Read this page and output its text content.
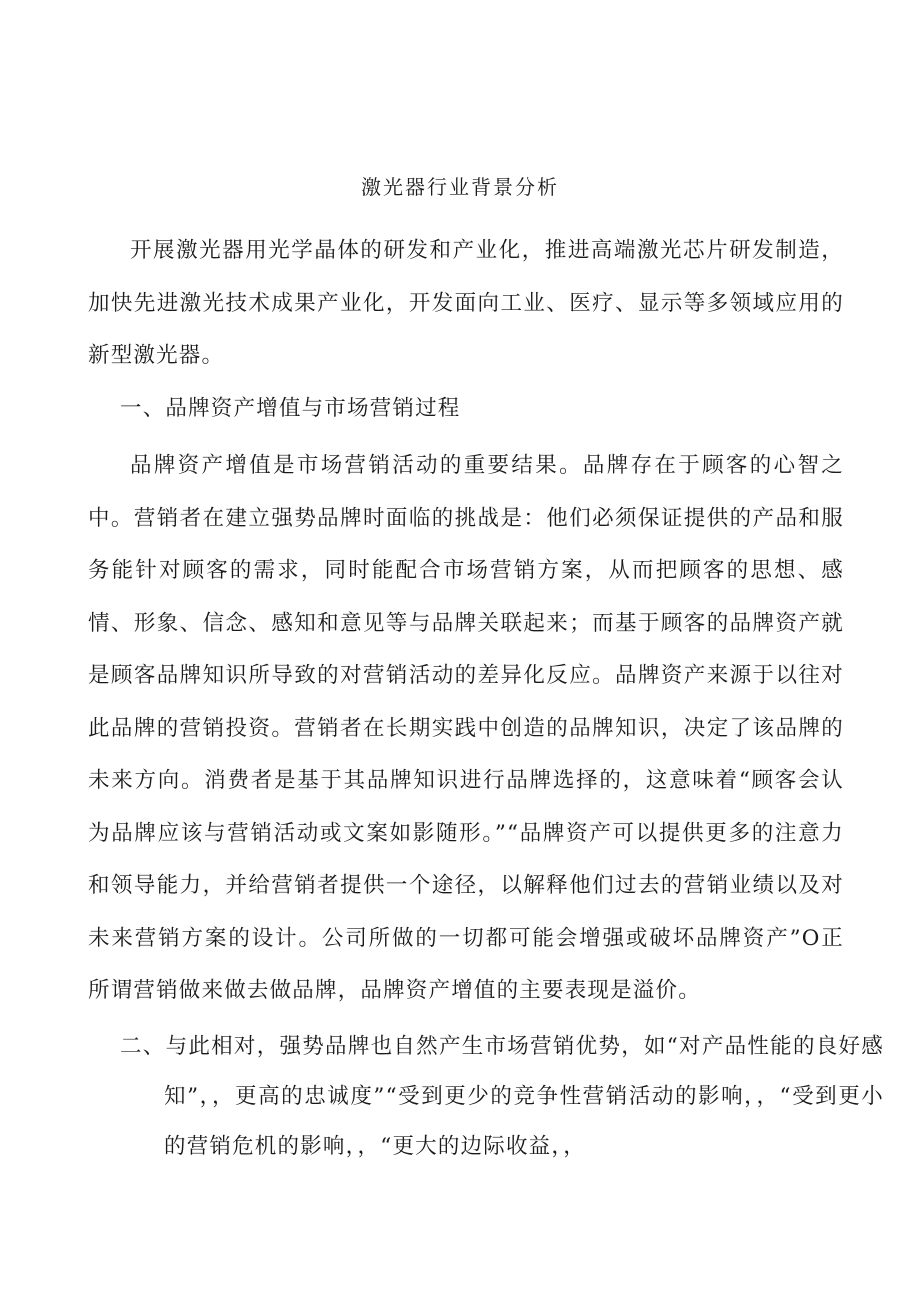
激光器行业背景分析

开展激光器用光学晶体的研发和产业化，推进高端激光芯片研发制造，加快先进激光技术成果产业化，开发面向工业、医疗、显示等多领域应用的新型激光器。

一、品牌资产增值与市场营销过程

品牌资产增值是市场营销活动的重要结果。品牌存在于顾客的心智之中。营销者在建立强势品牌时面临的挑战是：他们必须保证提供的产品和服务能针对顾客的需求，同时能配合市场营销方案，从而把顾客的思想、感情、形象、信念、感知和意见等与品牌关联起来；而基于顾客的品牌资产就是顾客品牌知识所导致的对营销活动的差异化反应。品牌资产来源于以往对此品牌的营销投资。营销者在长期实践中创造的品牌知识，决定了该品牌的未来方向。消费者是基于其品牌知识进行品牌选择的，这意味着“顾客会认为品牌应该与营销活动或文案如影随形。”“品牌资产可以提供更多的注意力和领导能力，并给营销者提供一个途径，以解释他们过去的营销业绩以及对未来营销方案的设计。公司所做的一切都可能会增强或破坏品牌资产”O正所谓营销做来做去做品牌，品牌资产增值的主要表现是溢价。

二、与此相对，强势品牌也自然产生市场营销优势，如“对产品性能的良好感知”，，更高的忠诚度”“受到更少的竞争性营销活动的影响，，“受到更小的营销危机的影响，，“更大的边际收益，，
